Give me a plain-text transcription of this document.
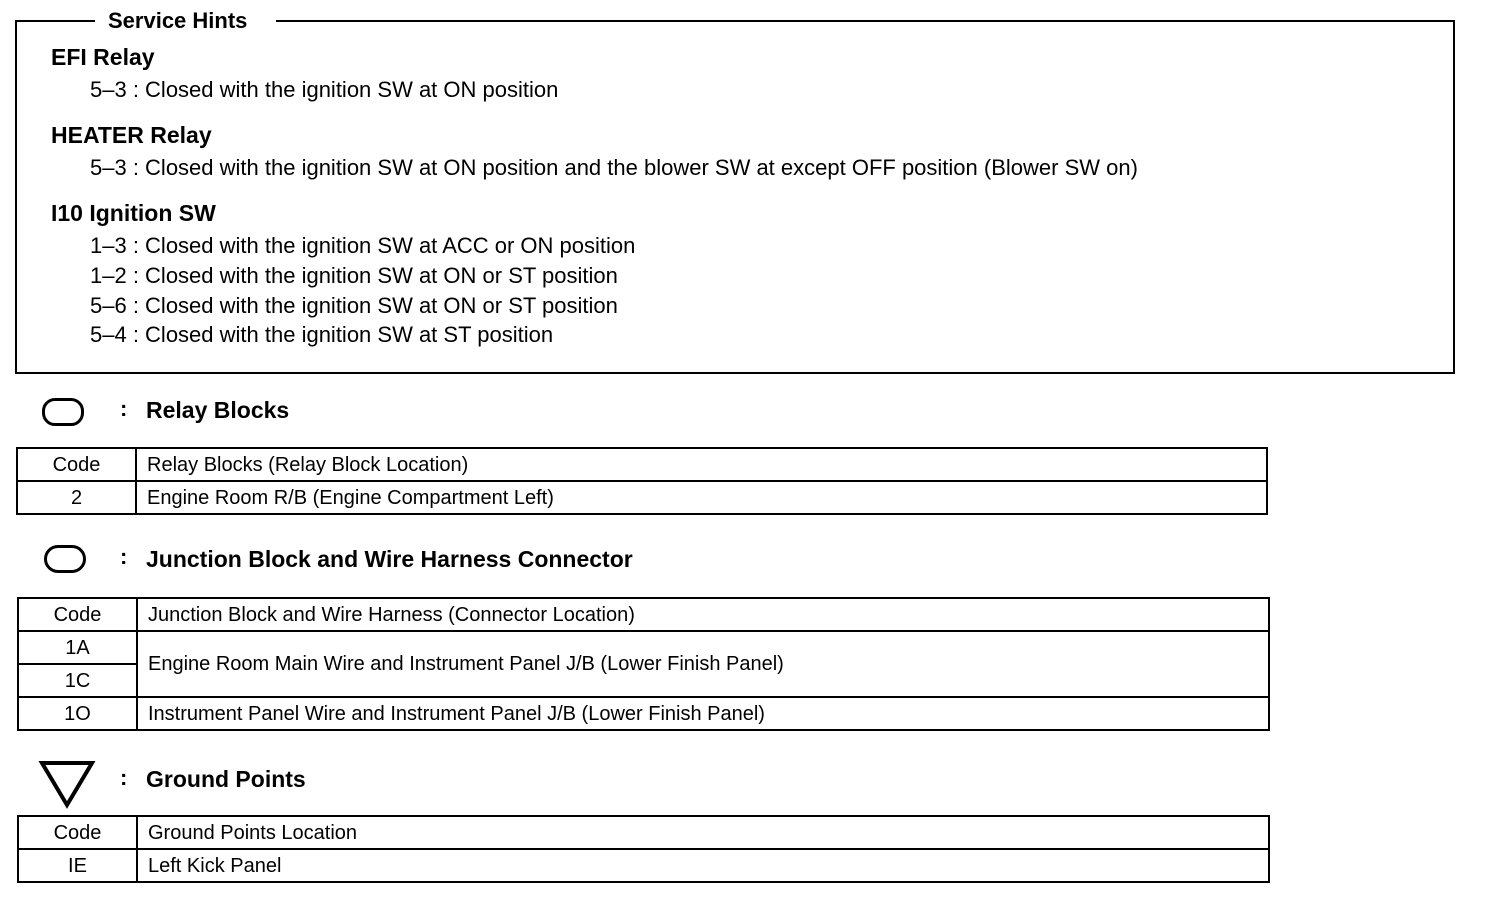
Service Hints
EFI Relay
5–3 : Closed with the ignition SW at ON position
HEATER Relay
5–3 : Closed with the ignition SW at ON position and the blower SW at except OFF position (Blower SW on)
I10 Ignition SW
1–3 : Closed with the ignition SW at ACC or ON position
1–2 : Closed with the ignition SW at ON or ST position
5–6 : Closed with the ignition SW at ON or ST position
5–4 : Closed with the ignition SW at ST position
: Relay Blocks
Code	Relay Blocks (Relay Block Location)
2	Engine Room R/B (Engine Compartment Left)
: Junction Block and Wire Harness Connector
Code	Junction Block and Wire Harness (Connector Location)
1A	Engine Room Main Wire and Instrument Panel J/B (Lower Finish Panel)
1C	
1O	Instrument Panel Wire and Instrument Panel J/B (Lower Finish Panel)
: Ground Points
Code	Ground Points Location
IE	Left Kick Panel
